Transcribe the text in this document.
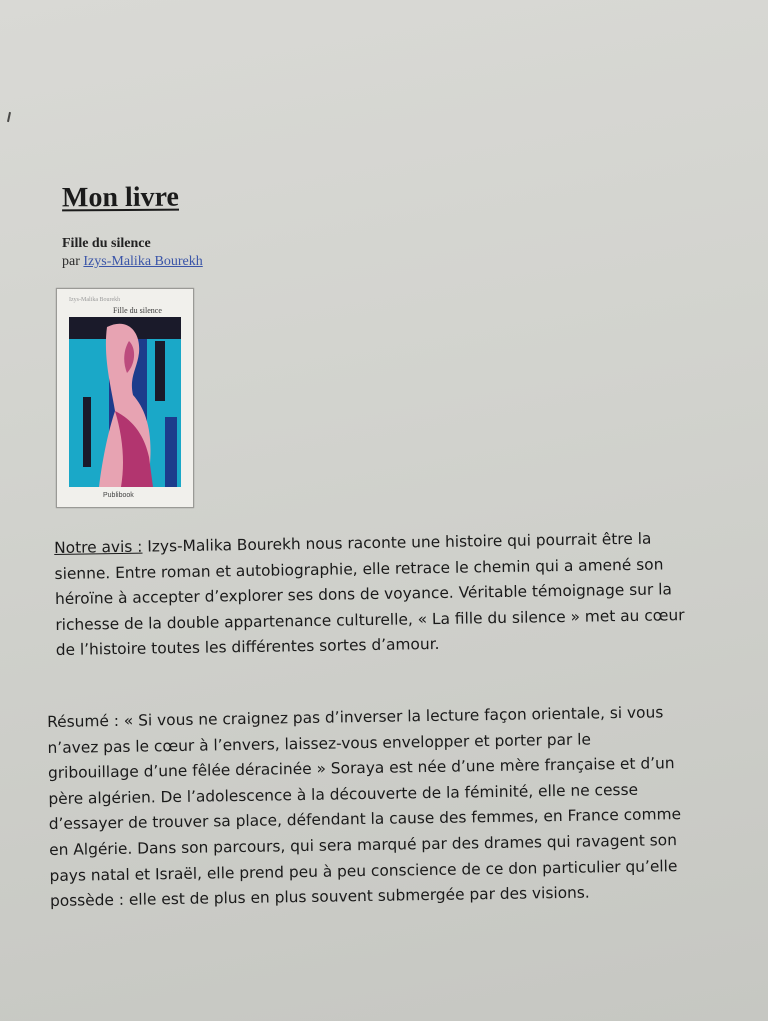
Mon livre
Fille du silence
par Izys-Malika Bourekh
Izys-Malika Bourekh
Fille du silence
Publibook
Notre avis : Izys-Malika Bourekh nous raconte une histoire qui pourrait être la
sienne. Entre roman et autobiographie, elle retrace le chemin qui a amené son
héroïne à accepter d’explorer ses dons de voyance. Véritable témoignage sur la
richesse de la double appartenance culturelle, « La fille du silence » met au cœur
de l’histoire toutes les différentes sortes d’amour.
Résumé : « Si vous ne craignez pas d’inverser la lecture façon orientale, si vous
n’avez pas le cœur à l’envers, laissez-vous envelopper et porter par le
gribouillage d’une fêlée déracinée » Soraya est née d’une mère française et d’un
père algérien. De l’adolescence à la découverte de la féminité, elle ne cesse
d’essayer de trouver sa place, défendant la cause des femmes, en France comme
en Algérie. Dans son parcours, qui sera marqué par des drames qui ravagent son
pays natal et Israël, elle prend peu à peu conscience de ce don particulier qu’elle
possède : elle est de plus en plus souvent submergée par des visions.
